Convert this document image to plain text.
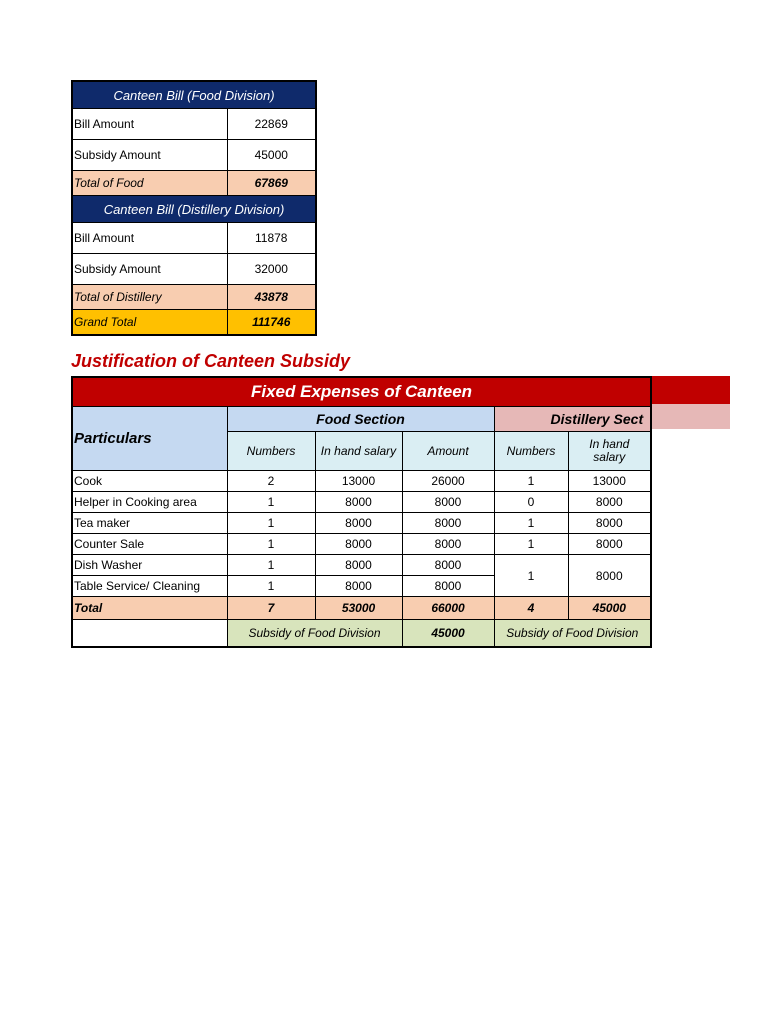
Canteen Bill (Food Division)	
Bill Amount	22869
Subsidy Amount	45000
Total of Food	67869
Canteen Bill (Distillery Division)	
Bill Amount	11878
Subsidy Amount	32000
Total of Distillery	43878
Grand Total	111746
Justification of Canteen Subsidy
Fixed Expenses of Canteen					
Particulars	Food Section			Distillery Sect	
	Numbers	In hand salary	Amount	Numbers	In hand salary
Cook	2	13000	26000	1	13000
Helper in Cooking area	1	8000	8000	0	8000
Tea maker	1	8000	8000	1	8000
Counter Sale	1	8000	8000	1	8000
Dish Washer	1	8000	8000	1	8000
Table Service/ Cleaning	1	8000	8000		
Total	7	53000	66000	4	45000
	Subsidy of Food Division		45000	Subsidy of Food Division	
